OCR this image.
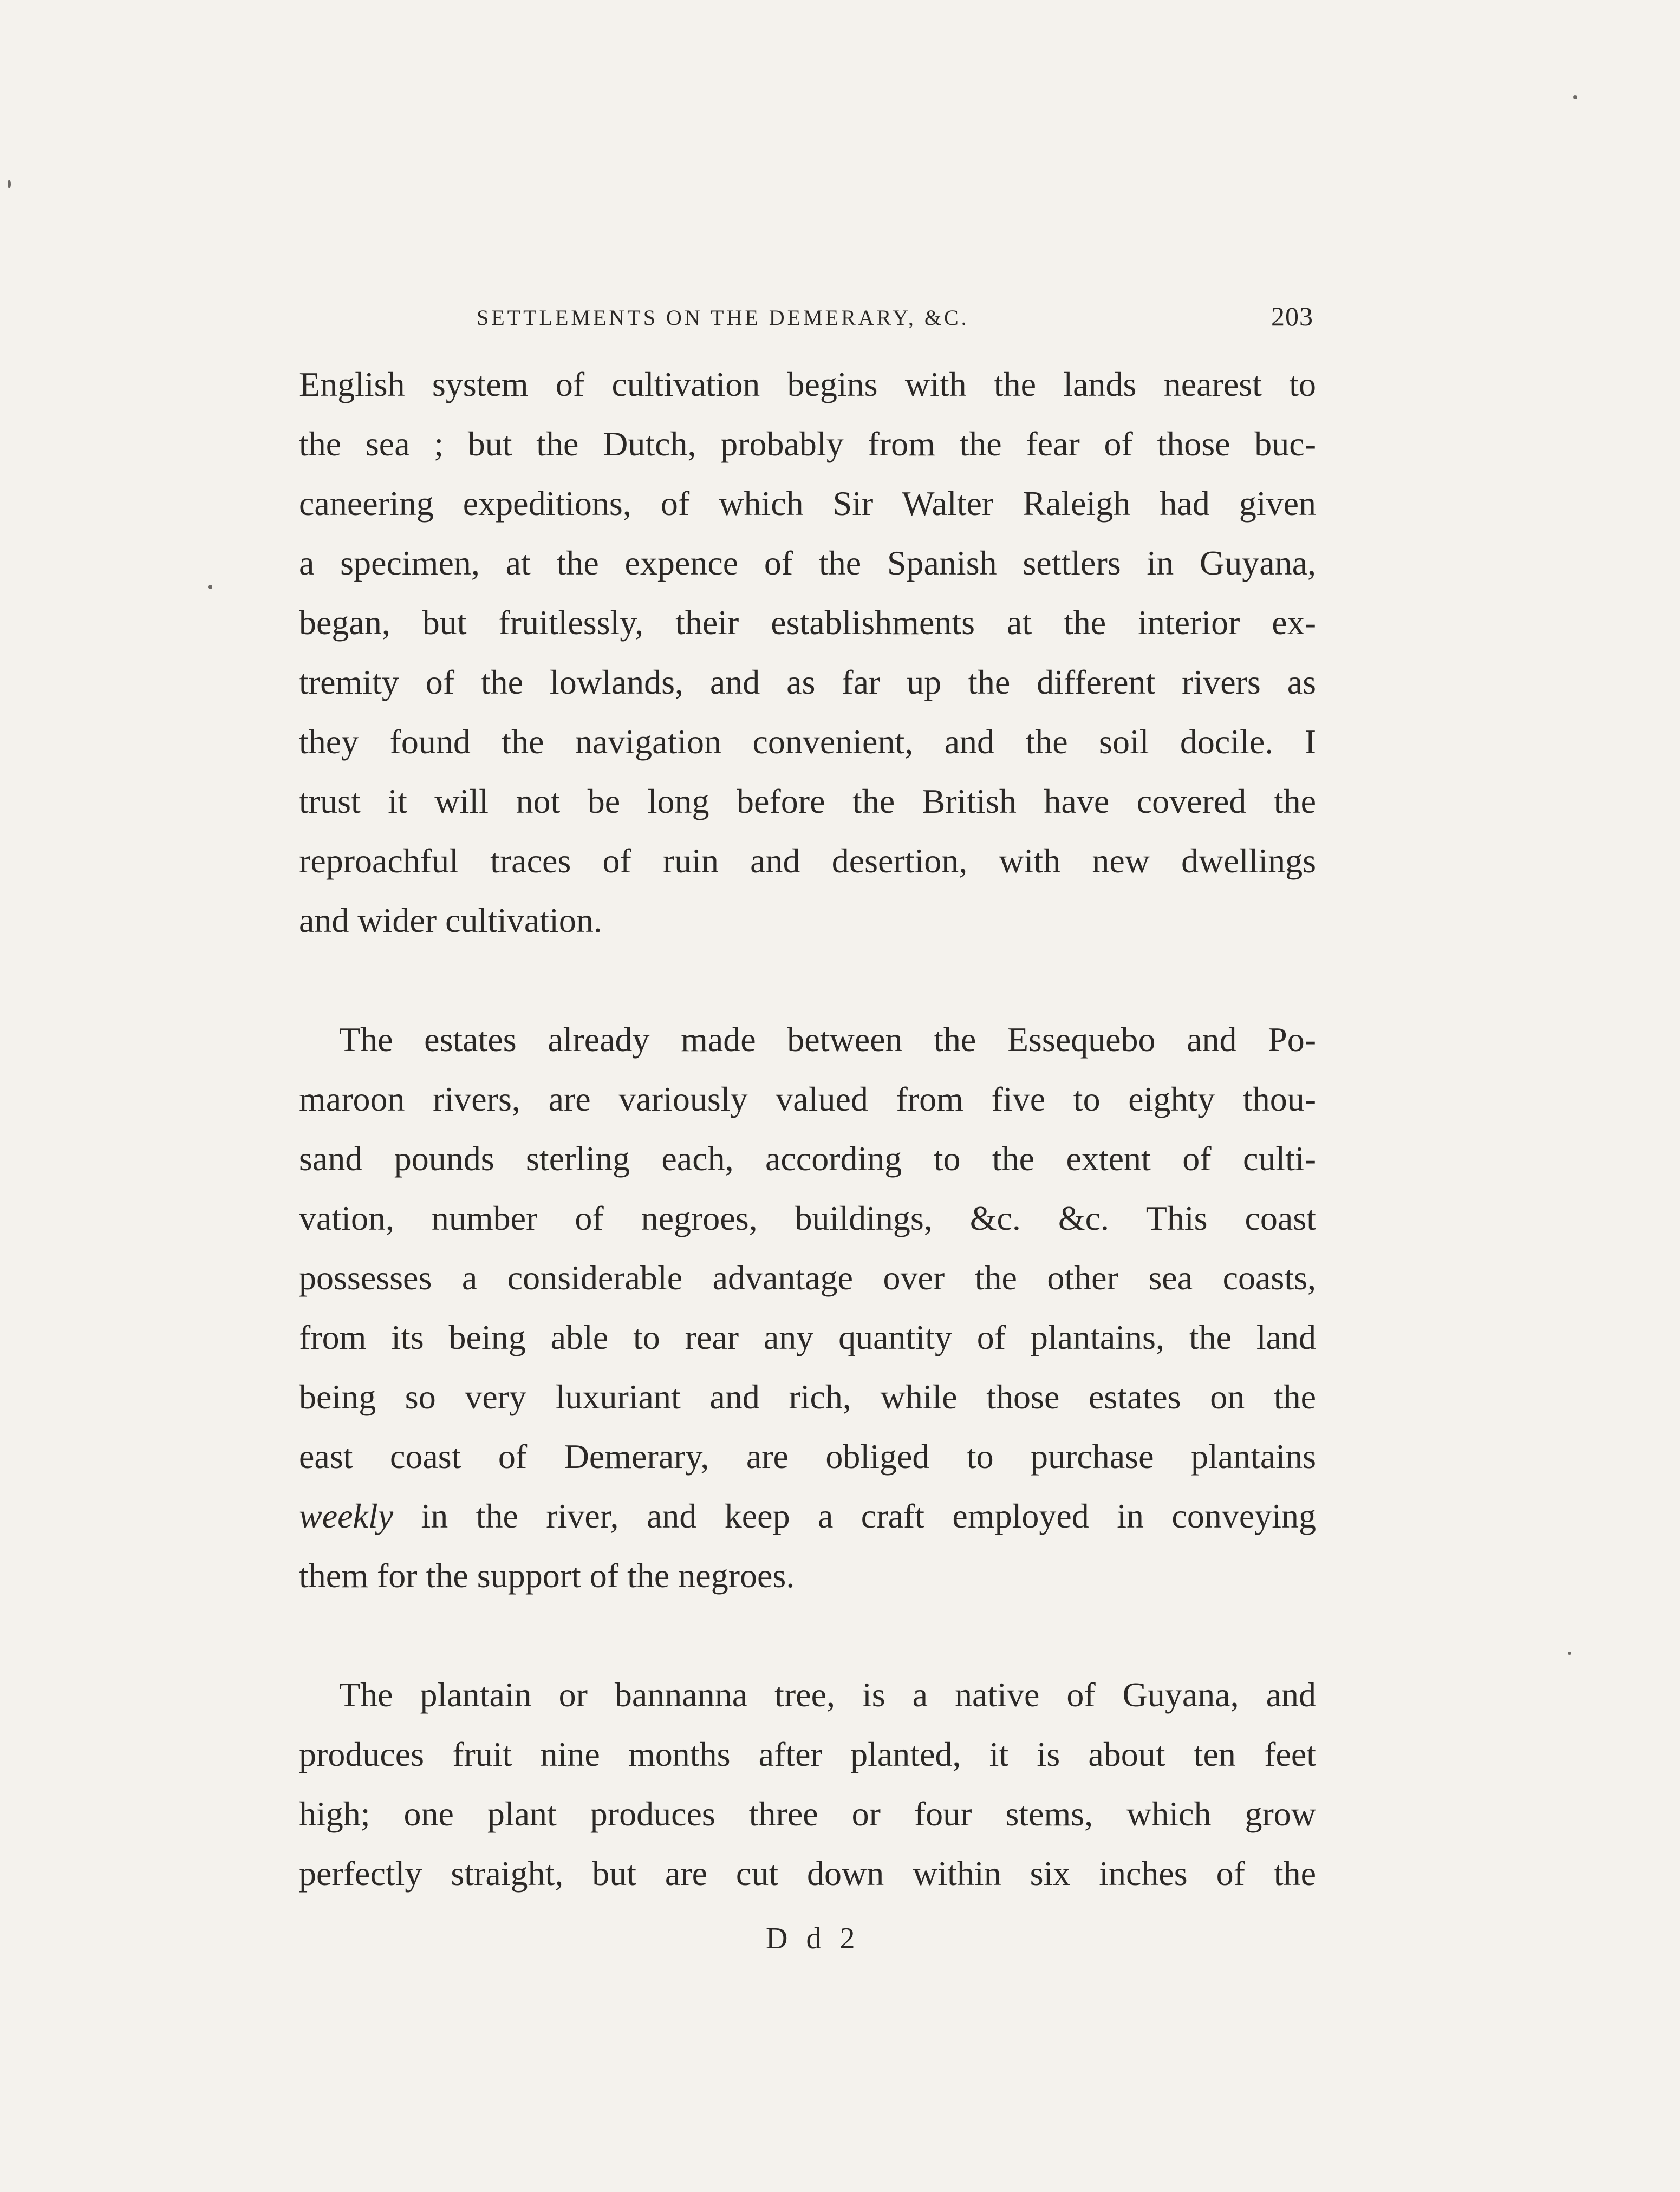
SETTLEMENTS ON THE DEMERARY, &C.	203
English system of cultivation begins with the lands nearest to
the sea ; but the Dutch, probably from the fear of those buc-
caneering expeditions, of which Sir Walter Raleigh had given
a specimen, at the expence of the Spanish settlers in Guyana,
began, but fruitlessly, their establishments at the interior ex-
tremity of the lowlands, and as far up the different rivers as
they found the navigation convenient, and the soil docile. I
trust it will not be long before the British have covered the
reproachful traces of ruin and desertion, with new dwellings
and wider cultivation.
The estates already made between the Essequebo and Po-
maroon rivers, are variously valued from five to eighty thou-
sand pounds sterling each, according to the extent of culti-
vation, number of negroes, buildings, &c. &c. This coast
possesses a considerable advantage over the other sea coasts,
from its being able to rear any quantity of plantains, the land
being so very luxuriant and rich, while those estates on the
east coast of Demerary, are obliged to purchase plantains
weekly in the river, and keep a craft employed in conveying
them for the support of the negroes.
The plantain or bannanna tree, is a native of Guyana, and
produces fruit nine months after planted, it is about ten feet
high; one plant produces three or four stems, which grow
perfectly straight, but are cut down within six inches of the
D d 2
